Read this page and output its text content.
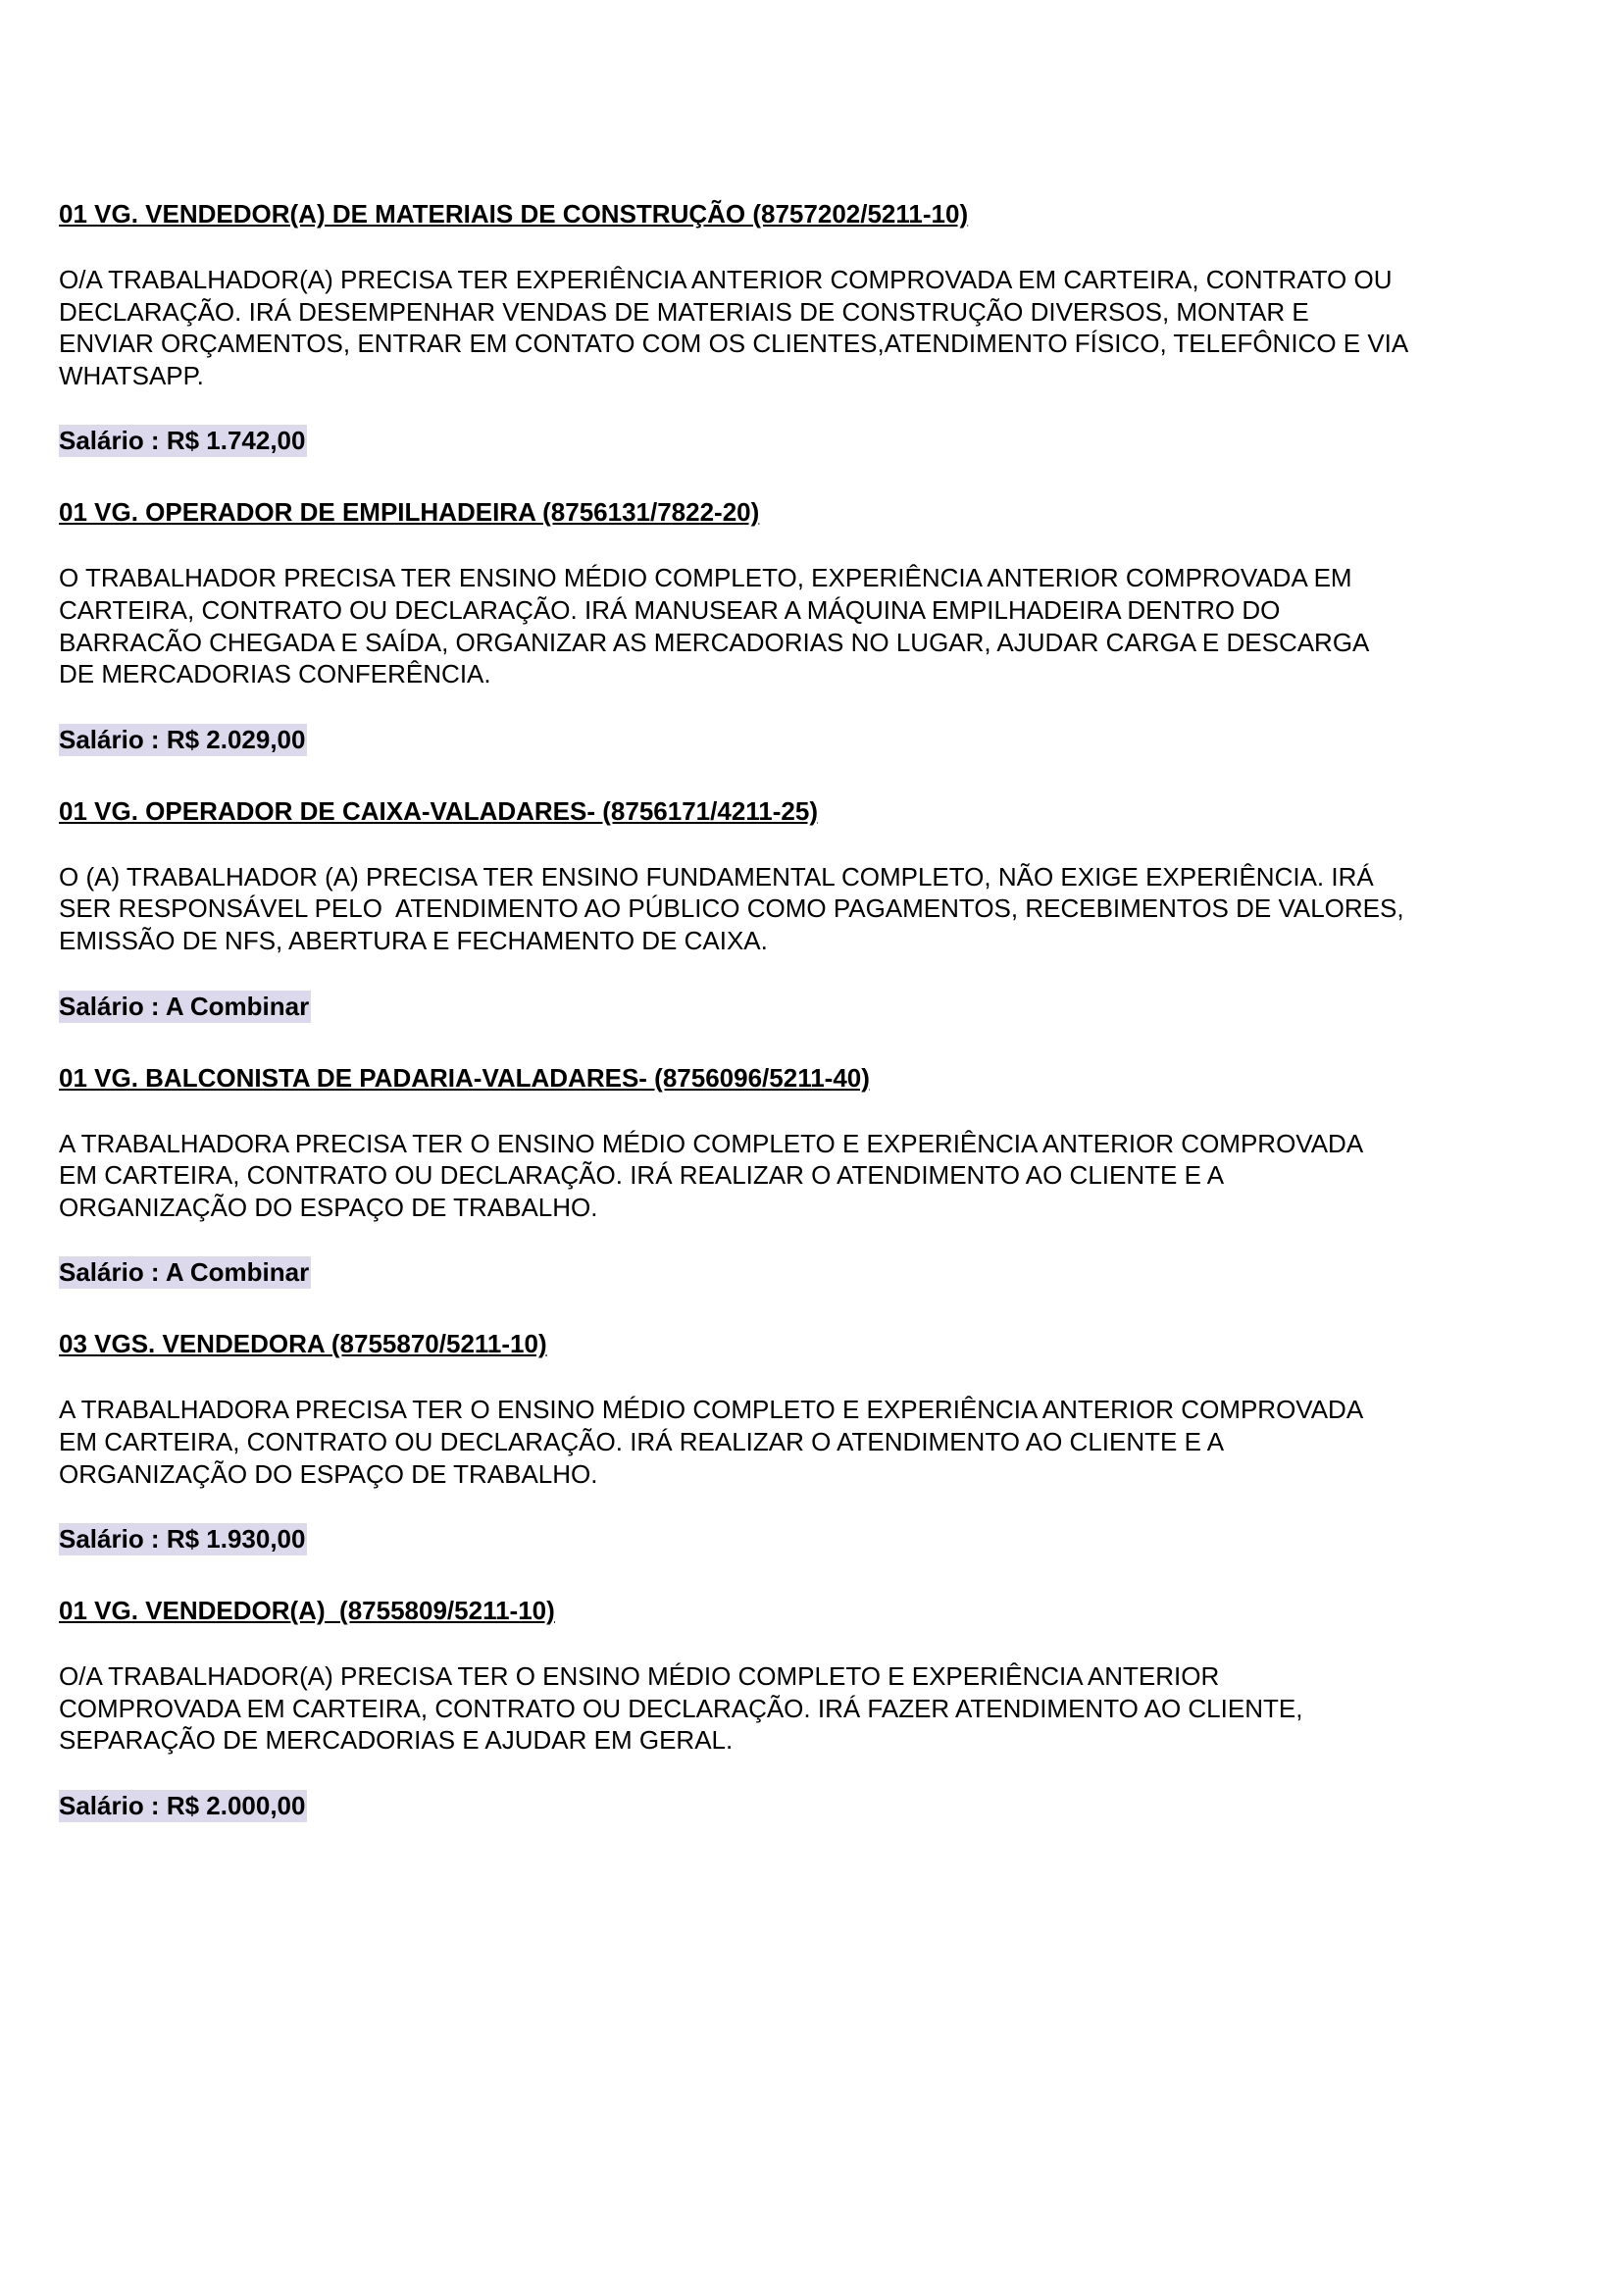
01 VG. VENDEDOR(A) DE MATERIAIS DE CONSTRUÇÃO (8757202/5211-10)
O/A TRABALHADOR(A) PRECISA TER EXPERIÊNCIA ANTERIOR COMPROVADA EM CARTEIRA, CONTRATO OU
DECLARAÇÃO. IRÁ DESEMPENHAR VENDAS DE MATERIAIS DE CONSTRUÇÃO DIVERSOS, MONTAR E
ENVIAR ORÇAMENTOS, ENTRAR EM CONTATO COM OS CLIENTES,ATENDIMENTO FÍSICO, TELEFÔNICO E VIA
WHATSAPP.
Salário : R$ 1.742,00
01 VG. OPERADOR DE EMPILHADEIRA (8756131/7822-20)
O TRABALHADOR PRECISA TER ENSINO MÉDIO COMPLETO, EXPERIÊNCIA ANTERIOR COMPROVADA EM
CARTEIRA, CONTRATO OU DECLARAÇÃO. IRÁ MANUSEAR A MÁQUINA EMPILHADEIRA DENTRO DO
BARRACÃO CHEGADA E SAÍDA, ORGANIZAR AS MERCADORIAS NO LUGAR, AJUDAR CARGA E DESCARGA
DE MERCADORIAS CONFERÊNCIA.
Salário : R$ 2.029,00
01 VG. OPERADOR DE CAIXA-VALADARES- (8756171/4211-25)
O (A) TRABALHADOR (A) PRECISA TER ENSINO FUNDAMENTAL COMPLETO, NÃO EXIGE EXPERIÊNCIA. IRÁ
SER RESPONSÁVEL PELO  ATENDIMENTO AO PÚBLICO COMO PAGAMENTOS, RECEBIMENTOS DE VALORES,
EMISSÃO DE NFS, ABERTURA E FECHAMENTO DE CAIXA.
Salário : A Combinar
01 VG. BALCONISTA DE PADARIA-VALADARES- (8756096/5211-40)
A TRABALHADORA PRECISA TER O ENSINO MÉDIO COMPLETO E EXPERIÊNCIA ANTERIOR COMPROVADA
EM CARTEIRA, CONTRATO OU DECLARAÇÃO. IRÁ REALIZAR O ATENDIMENTO AO CLIENTE E A
ORGANIZAÇÃO DO ESPAÇO DE TRABALHO.
Salário : A Combinar
03 VGS. VENDEDORA (8755870/5211-10)
A TRABALHADORA PRECISA TER O ENSINO MÉDIO COMPLETO E EXPERIÊNCIA ANTERIOR COMPROVADA
EM CARTEIRA, CONTRATO OU DECLARAÇÃO. IRÁ REALIZAR O ATENDIMENTO AO CLIENTE E A
ORGANIZAÇÃO DO ESPAÇO DE TRABALHO.
Salário : R$ 1.930,00
01 VG. VENDEDOR(A)  (8755809/5211-10)
O/A TRABALHADOR(A) PRECISA TER O ENSINO MÉDIO COMPLETO E EXPERIÊNCIA ANTERIOR
COMPROVADA EM CARTEIRA, CONTRATO OU DECLARAÇÃO. IRÁ FAZER ATENDIMENTO AO CLIENTE,
SEPARAÇÃO DE MERCADORIAS E AJUDAR EM GERAL.
Salário : R$ 2.000,00
